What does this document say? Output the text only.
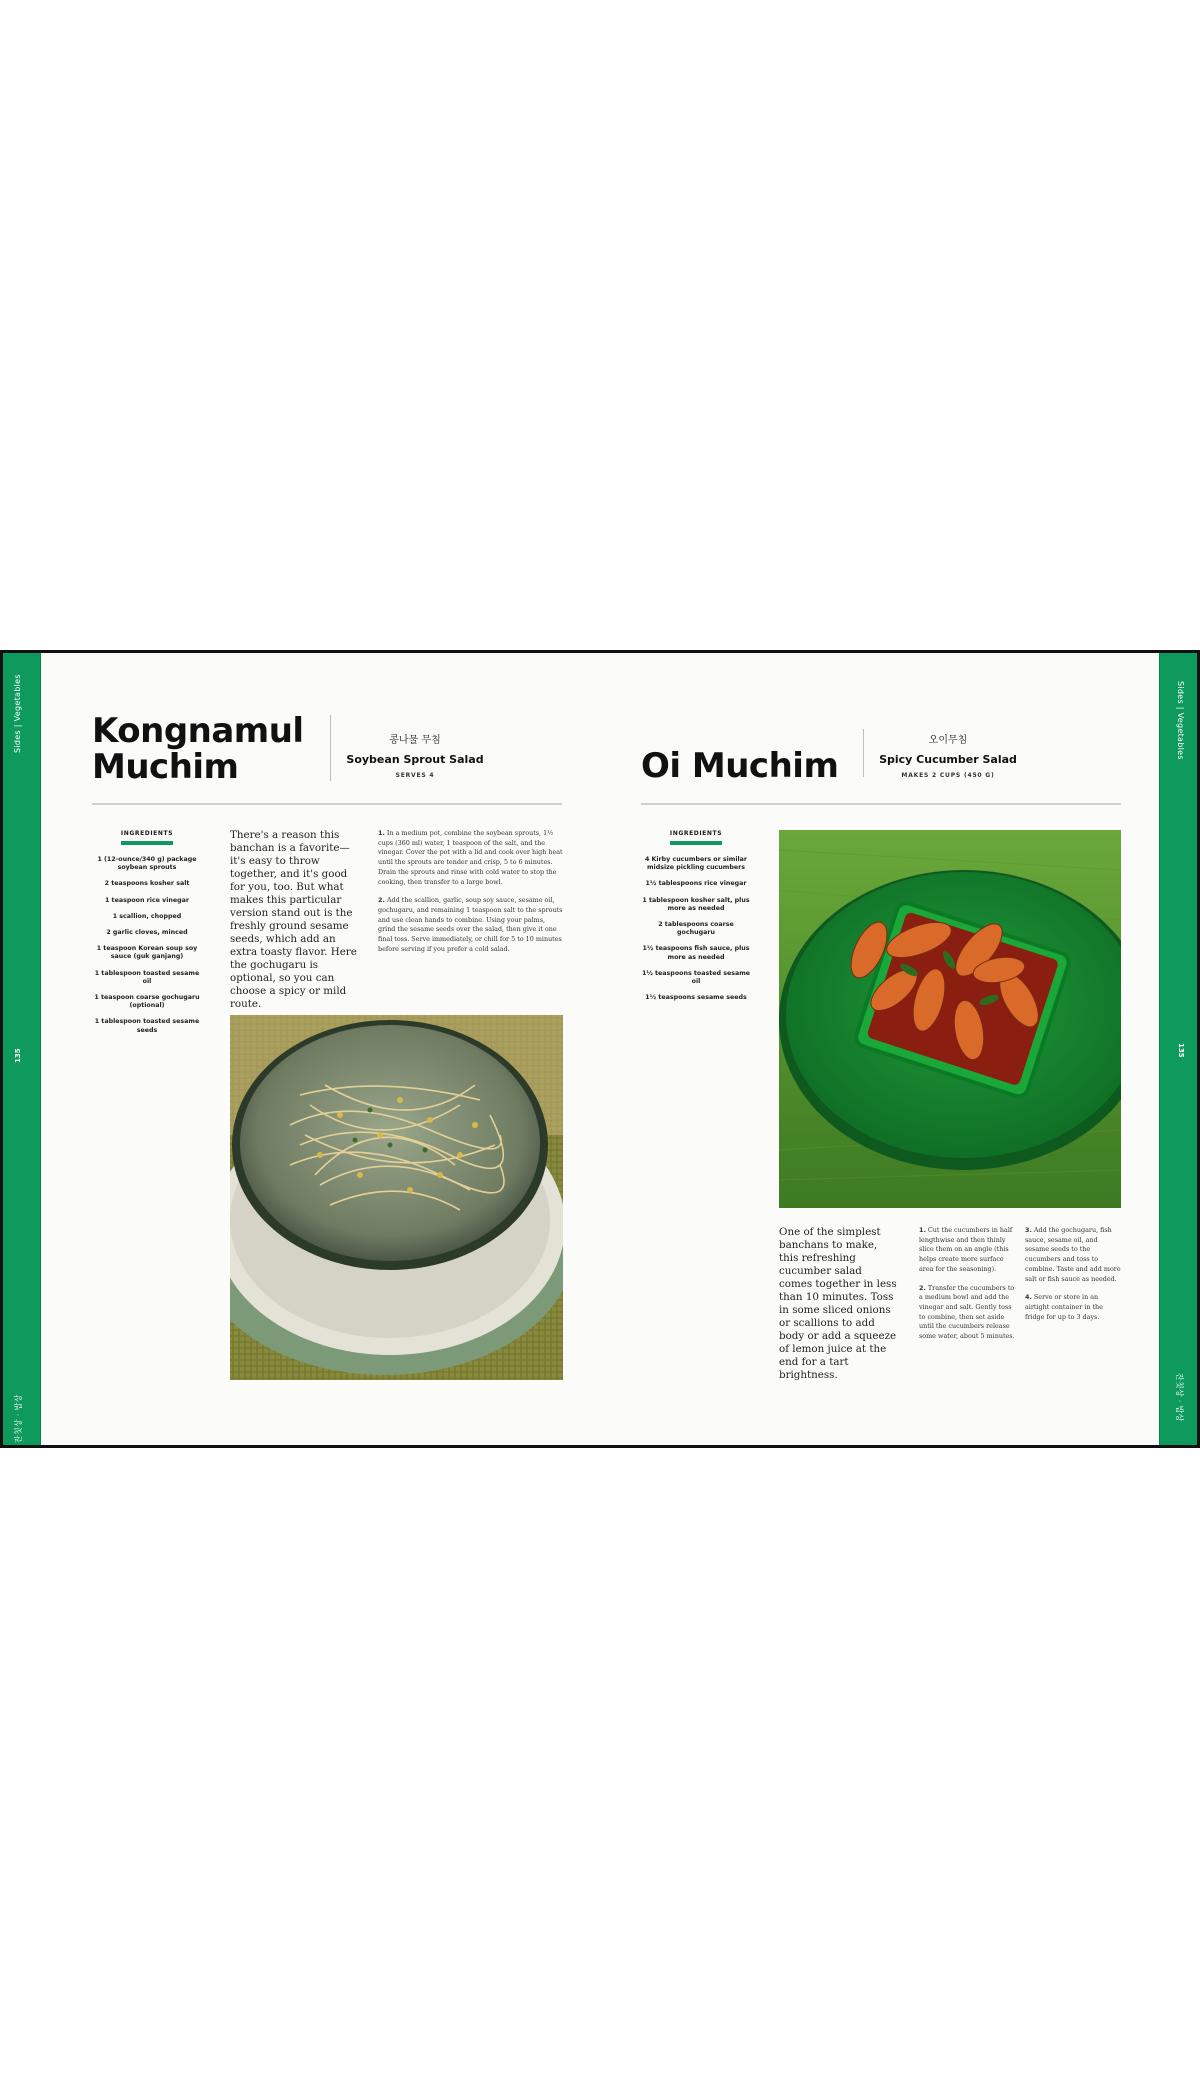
Sides | Vegetables
135
잔칫상 · 밥상
Sides | Vegetables
135
잔칫상 · 밥상
Kongnamul
Muchim
콩나물 무침
Soybean Sprout Salad
SERVES 4
INGREDIENTS
1 (12-ounce/340 g) package soybean sprouts
2 teaspoons kosher salt
1 teaspoon rice vinegar
1 scallion, chopped
2 garlic cloves, minced
1 teaspoon Korean soup soy sauce (guk ganjang)
1 tablespoon toasted sesame oil
1 teaspoon coarse gochugaru (optional)
1 tablespoon toasted sesame seeds
There's a reason this banchan is a favorite—it's easy to throw together, and it's good for you, too. But what makes this particular version stand out is the freshly ground sesame seeds, which add an extra toasty flavor. Here the gochugaru is optional, so you can choose a spicy or mild route.

1. In a medium pot, combine the soybean sprouts, 1½ cups (360 ml) water, 1 teaspoon of the salt, and the vinegar. Cover the pot with a lid and cook over high heat until the sprouts are tender and crisp, 5 to 6 minutes. Drain the sprouts and rinse with cold water to stop the cooking, then transfer to a large bowl.

2. Add the scallion, garlic, soup soy sauce, sesame oil, gochugaru, and remaining 1 teaspoon salt to the sprouts and use clean hands to combine. Using your palms, grind the sesame seeds over the salad, then give it one final toss. Serve immediately, or chill for 5 to 10 minutes before serving if you prefer a cold salad.

Oi Muchim
오이무침
Spicy Cucumber Salad
MAKES 2 CUPS (450 G)
INGREDIENTS
4 Kirby cucumbers or similar midsize pickling cucumbers
1½ tablespoons rice vinegar
1 tablespoon kosher salt, plus more as needed
2 tablespoons coarse gochugaru
1½ teaspoons fish sauce, plus more as needed
1½ teaspoons toasted sesame oil
1½ teaspoons sesame seeds
One of the simplest banchans to make, this refreshing cucumber salad comes together in less than 10 minutes. Toss in some sliced onions or scallions to add body or add a squeeze of lemon juice at the end for a tart brightness.

1. Cut the cucumbers in half lengthwise and then thinly slice them on an angle (this helps create more surface area for the seasoning).

2. Transfer the cucumbers to a medium bowl and add the vinegar and salt. Gently toss to combine, then set aside until the cucumbers release some water, about 5 minutes.

3. Add the gochugaru, fish sauce, sesame oil, and sesame seeds to the cucumbers and toss to combine. Taste and add more salt or fish sauce as needed.

4. Serve or store in an airtight container in the fridge for up to 3 days.
